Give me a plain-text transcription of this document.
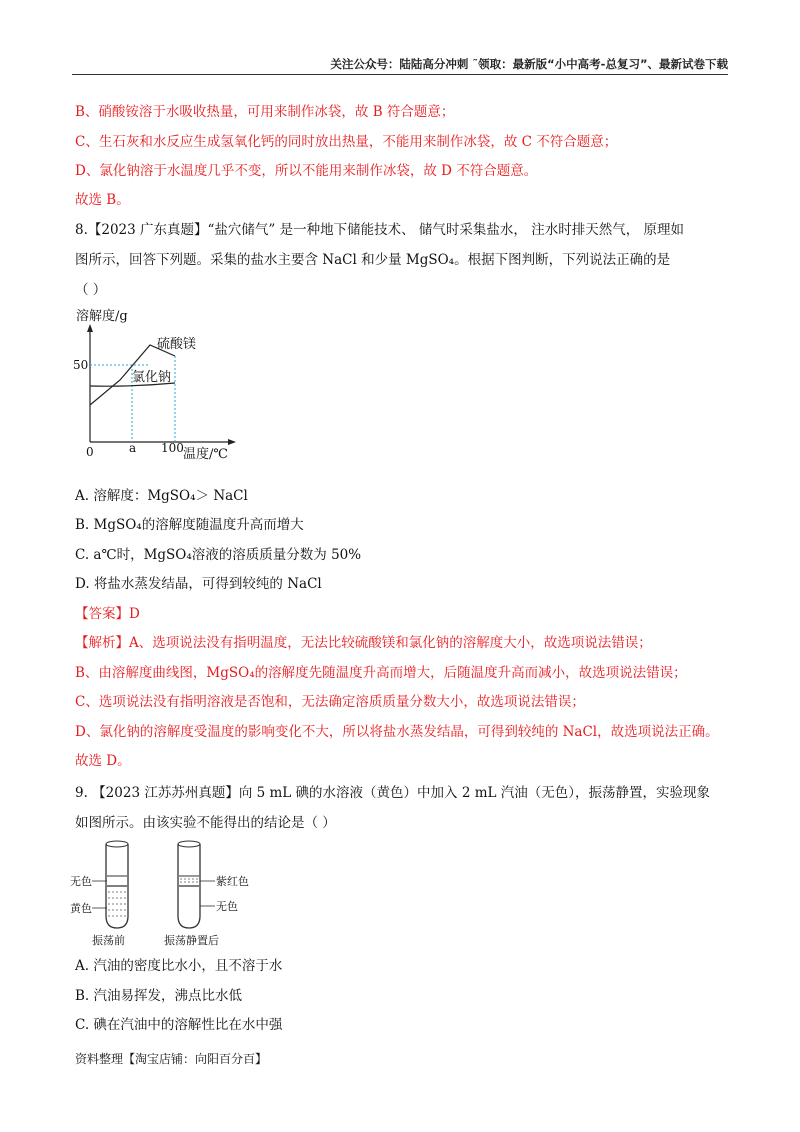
关注公众号：陆陆高分冲刺 ˜领取：最新版“小中高考-总复习”、最新试卷下载
B、硝酸铵溶于水吸收热量，可用来制作冰袋，故 B 符合题意；
C、生石灰和水反应生成氢氧化钙的同时放出热量，不能用来制作冰袋，故 C 不符合题意；
D、氯化钠溶于水温度几乎不变，所以不能用来制作冰袋，故 D 不符合题意。
故选 B。
8.【2023 广东真题】“盐穴储气” 是一种地下储能技术、 储气时采集盐水， 注水时排天然气， 原理如
图所示，回答下列题。采集的盐水主要含 NaCl 和少量 MgSO₄。根据下图判断，下列说法正确的是
（ ）
溶解度/g
50
0	a 100 温度/℃
硫酸镁
氯化钠
A. 溶解度：MgSO₄＞ NaCl
B. MgSO₄的溶解度随温度升高而增大
C. a℃时，MgSO₄溶液的溶质质量分数为 50%
D. 将盐水蒸发结晶，可得到较纯的 NaCl
【答案】D
【解析】A、选项说法没有指明温度，无法比较硫酸镁和氯化钠的溶解度大小，故选项说法错误；
B、由溶解度曲线图，MgSO₄的溶解度先随温度升高而增大，后随温度升高而减小，故选项说法错误；
C、选项说法没有指明溶液是否饱和，无法确定溶质质量分数大小，故选项说法错误；
D、氯化钠的溶解度受温度的影响变化不大，所以将盐水蒸发结晶，可得到较纯的 NaCl，故选项说法正确。
故选 D。
9. 【2023 江苏苏州真题】向 5 mL 碘的水溶液（黄色）中加入 2 mL 汽油（无色），振荡静置，实验现象
如图所示。由该实验不能得出的结论是（ ）
无色
黄色
振荡前
紫红色
无色
振荡静置后
A. 汽油的密度比水小，且不溶于水
B. 汽油易挥发，沸点比水低
C. 碘在汽油中的溶解性比在水中强
资料整理【淘宝店铺：向阳百分百】
